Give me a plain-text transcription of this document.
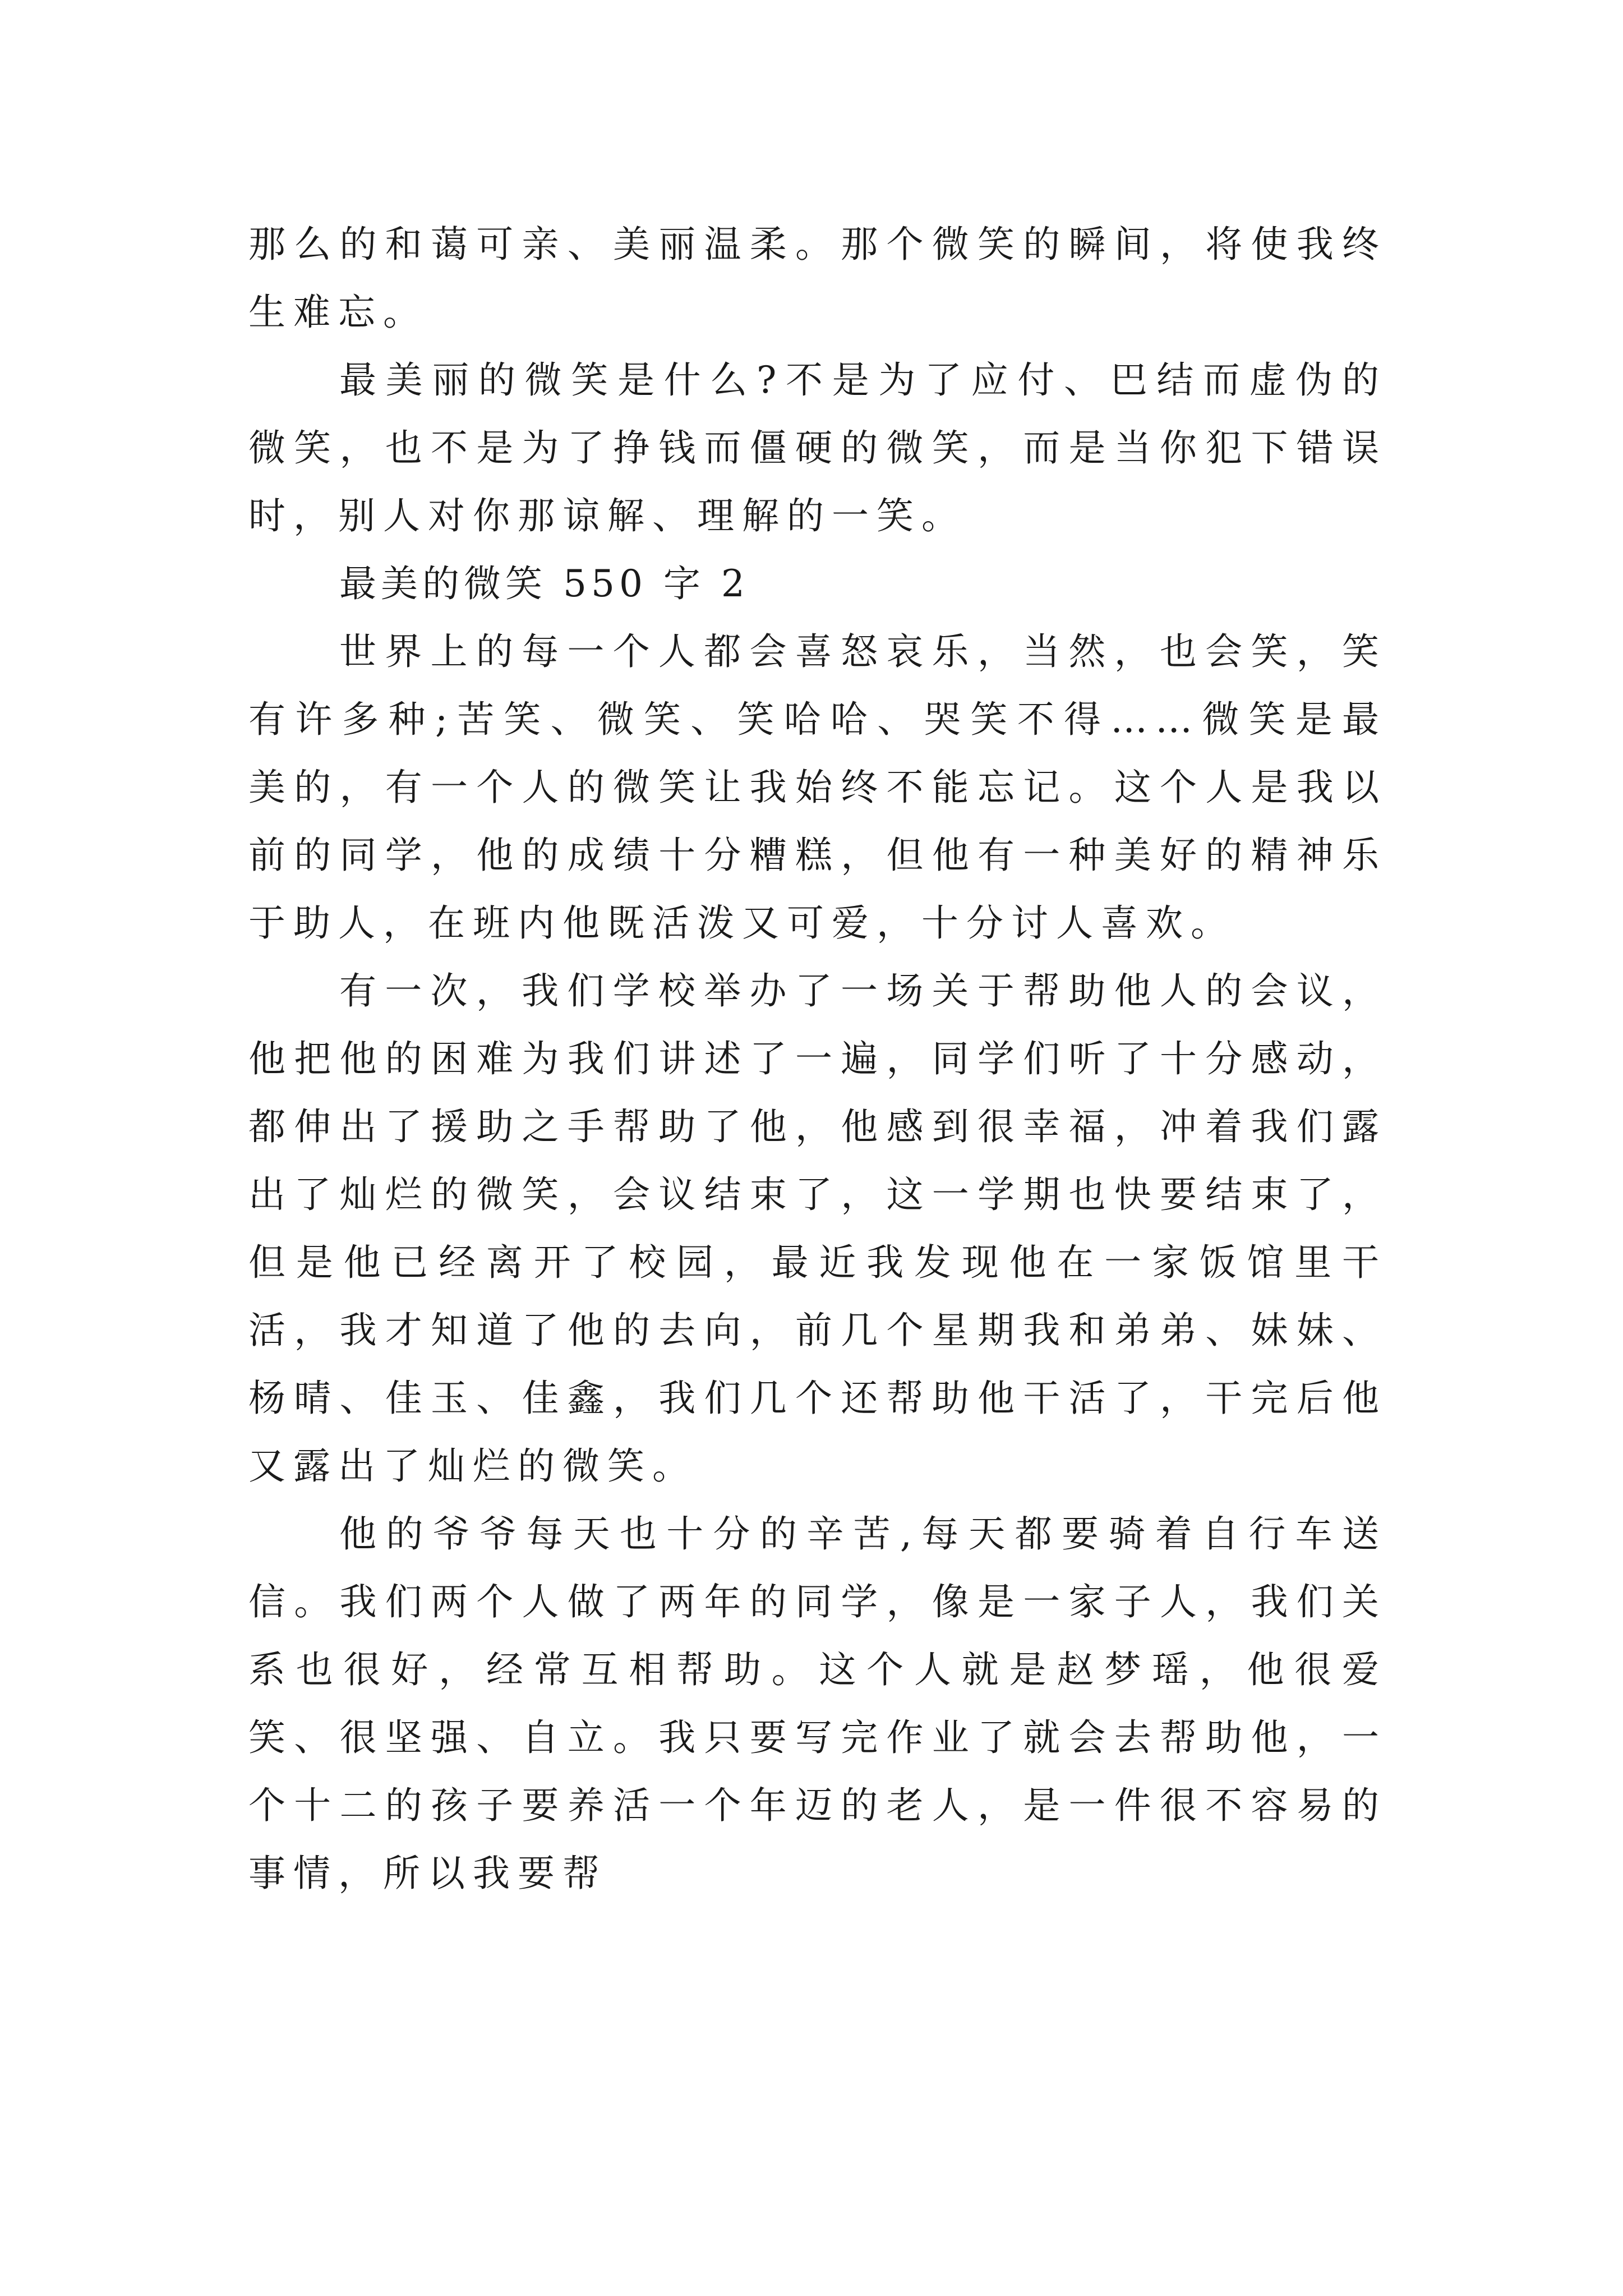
那么的和蔼可亲、美丽温柔。那个微笑的瞬间，将使我终生难忘。

最美丽的微笑是什么?不是为了应付、巴结而虚伪的微笑，也不是为了挣钱而僵硬的微笑，而是当你犯下错误时，别人对你那谅解、理解的一笑。

最美的微笑 550 字 2

世界上的每一个人都会喜怒哀乐，当然，也会笑，笑有许多种;苦笑、微笑、笑哈哈、哭笑不得……微笑是最美的，有一个人的微笑让我始终不能忘记。这个人是我以前的同学，他的成绩十分糟糕，但他有一种美好的精神乐于助人，在班内他既活泼又可爱，十分讨人喜欢。

有一次，我们学校举办了一场关于帮助他人的会议，他把他的困难为我们讲述了一遍，同学们听了十分感动，都伸出了援助之手帮助了他，他感到很幸福，冲着我们露出了灿烂的微笑，会议结束了，这一学期也快要结束了，但是他已经离开了校园，最近我发现他在一家饭馆里干活，我才知道了他的去向，前几个星期我和弟弟、妹妹、杨晴、佳玉、佳鑫，我们几个还帮助他干活了，干完后他又露出了灿烂的微笑。

他的爷爷每天也十分的辛苦,每天都要骑着自行车送信。我们两个人做了两年的同学，像是一家子人，我们关系也很好，经常互相帮助。这个人就是赵梦瑶，他很爱笑、很坚强、自立。我只要写完作业了就会去帮助他，一个十二的孩子要养活一个年迈的老人，是一件很不容易的事情，所以我要帮
